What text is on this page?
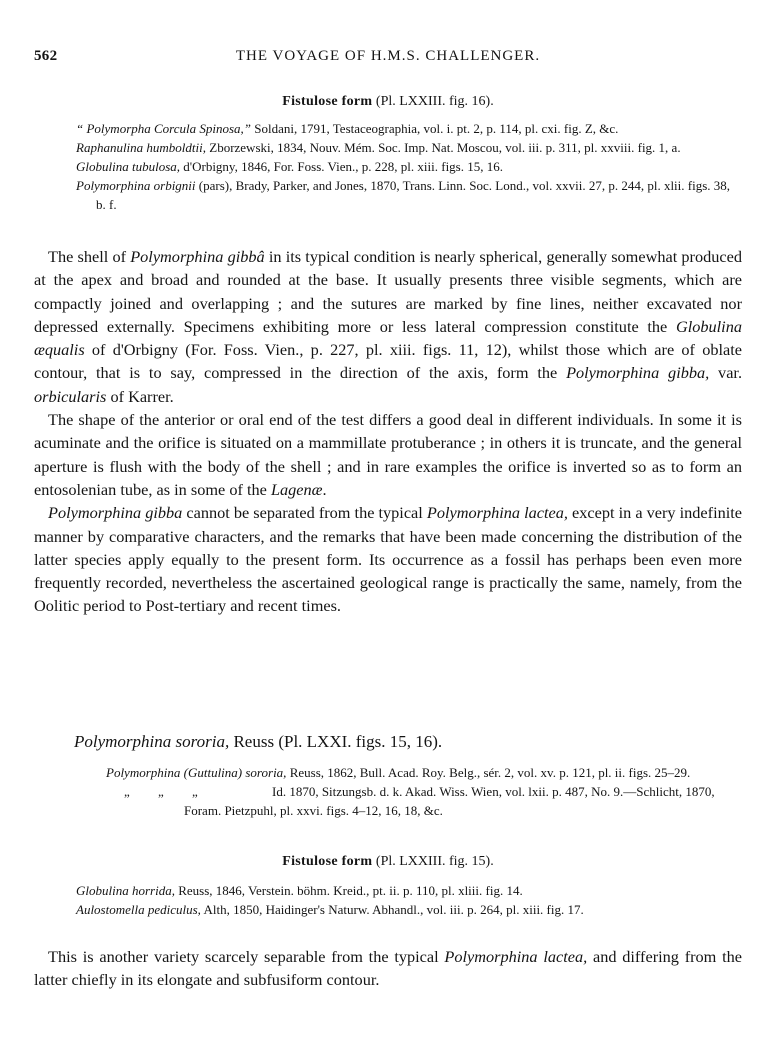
562	THE VOYAGE OF H.M.S. CHALLENGER.
Fistulose form (Pl. LXXIII. fig. 16).

“ Polymorpha Corcula Spinosa,” Soldani, 1791, Testaceographia, vol. i. pt. 2, p. 114, pl. cxi. fig. Z, &c.

Raphanulina humboldtii, Zborzewski, 1834, Nouv. Mém. Soc. Imp. Nat. Moscou, vol. iii. p. 311, pl. xxviii. fig. 1, a.

Globulina tubulosa, d'Orbigny, 1846, For. Foss. Vien., p. 228, pl. xiii. figs. 15, 16.

Polymorphina orbignii (pars), Brady, Parker, and Jones, 1870, Trans. Linn. Soc. Lond., vol. xxvii. 27, p. 244, pl. xlii. figs. 38, b. f.

The shell of Polymorphina gibbâ in its typical condition is nearly spherical, generally somewhat produced at the apex and broad and rounded at the base. It usually presents three visible segments, which are compactly joined and overlapping ; and the sutures are marked by fine lines, neither excavated nor depressed externally. Specimens exhibiting more or less lateral compression constitute the Globulina æqualis of d'Orbigny (For. Foss. Vien., p. 227, pl. xiii. figs. 11, 12), whilst those which are of oblate contour, that is to say, compressed in the direction of the axis, form the Polymorphina gibba, var. orbicularis of Karrer.

The shape of the anterior or oral end of the test differs a good deal in different individuals. In some it is acuminate and the orifice is situated on a mammillate protuberance ; in others it is truncate, and the general aperture is flush with the body of the shell ; and in rare examples the orifice is inverted so as to form an entosolenian tube, as in some of the Lagenæ.

Polymorphina gibba cannot be separated from the typical Polymorphina lactea, except in a very indefinite manner by comparative characters, and the remarks that have been made concerning the distribution of the latter species apply equally to the present form. Its occurrence as a fossil has perhaps been even more frequently recorded, nevertheless the ascertained geological range is practically the same, namely, from the Oolitic period to Post-tertiary and recent times.

Polymorphina sororia, Reuss (Pl. LXXI. figs. 15, 16).

Polymorphina (Guttulina) sororia, Reuss, 1862, Bull. Acad. Roy. Belg., sér. 2, vol. xv. p. 121, pl. ii. figs. 25–29.

„ „ „	Id. 1870, Sitzungsb. d. k. Akad. Wiss. Wien, vol. lxii. p. 487, No. 9.—Schlicht, 1870, Foram. Pietzpuhl, pl. xxvi. figs. 4–12, 16, 18, &c.

Fistulose form (Pl. LXXIII. fig. 15).

Globulina horrida, Reuss, 1846, Verstein. böhm. Kreid., pt. ii. p. 110, pl. xliii. fig. 14.

Aulostomella pediculus, Alth, 1850, Haidinger's Naturw. Abhandl., vol. iii. p. 264, pl. xiii. fig. 17.

This is another variety scarcely separable from the typical Polymorphina lactea, and differing from the latter chiefly in its elongate and subfusiform contour.
